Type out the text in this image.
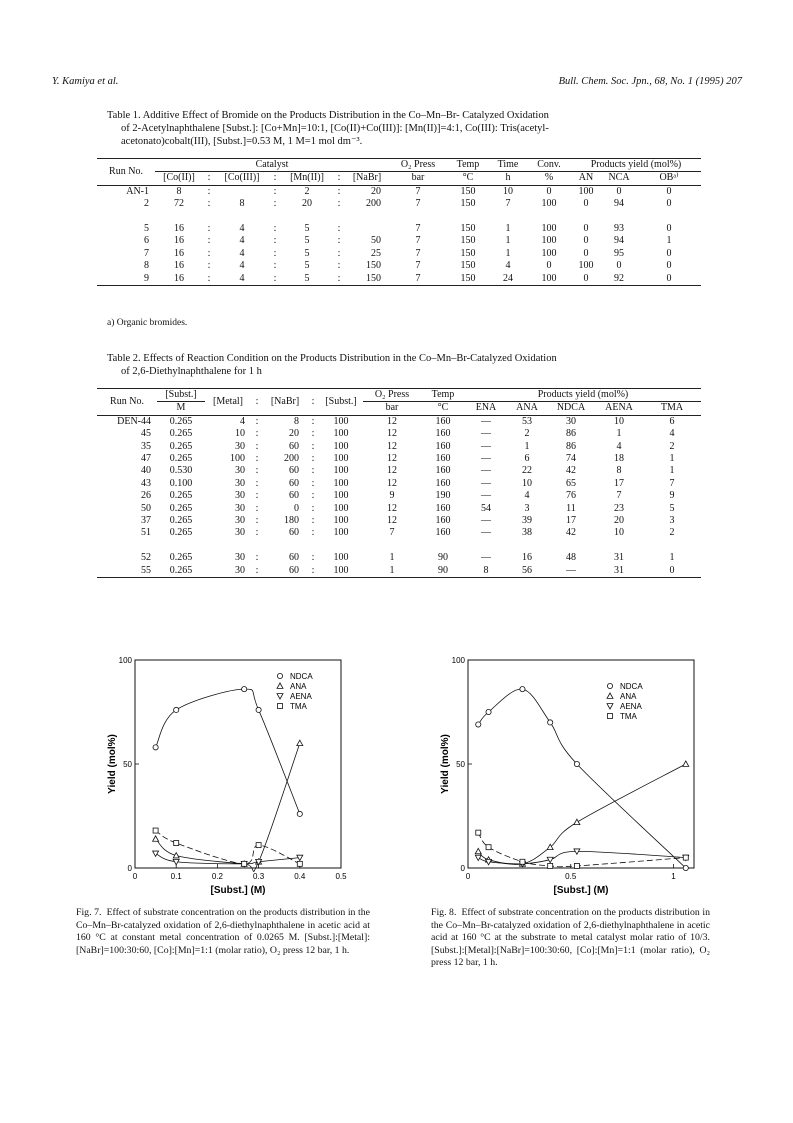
Y. Kamiya et al.	Bull. Chem. Soc. Jpn., 68, No. 1 (1995) 207
Table 1. Additive Effect of Bromide on the Products Distribution in the Co–Mn–Br- Catalyzed Oxidation
of 2-Acetylnaphthalene [Subst.]: [Co+Mn]=10:1, [Co(II)+Co(III)]: [Mn(II)]=4:1, Co(III): Tris(acetyl-
acetonato)cobalt(III), [Subst.]=0.53 M, 1 M=1 mol dm⁻³.
Run No.	Catalyst							O₂ Press	Temp	Time	Conv.	Products yield (mol%)		
	[Co(II)]	:	[Co(III)]	:	[Mn(II)]	:	[NaBr]	bar	°C	h	%	AN	NCA	OBᵃ⁾
AN-1	8	:		:	2	:	20	7	150	10	0	100	0	0
2	72	:	8	:	20	:	200	7	150	7	100	0	94	0

5	16	:	4	:	5	:		7	150	1	100	0	93	0
6	16	:	4	:	5	:	50	7	150	1	100	0	94	1
7	16	:	4	:	5	:	25	7	150	1	100	0	95	0
8	16	:	4	:	5	:	150	7	150	4	0	100	0	0
9	16	:	4	:	5	:	150	7	150	24	100	0	92	0
a) Organic bromides.
Table 2. Effects of Reaction Condition on the Products Distribution in the Co–Mn–Br-Catalyzed Oxidation
of 2,6-Diethylnaphthalene for 1 h
Run No.	[Subst.]	[Metal]	:	[NaBr]	:	[Subst.]	O₂ Press	Temp	Products yield (mol%)				
	M						bar	°C	ENA	ANA	NDCA	AENA	TMA
DEN-44	0.265	4	:	8	:	100	12	160	—	53	30	10	6
45	0.265	10	:	20	:	100	12	160	—	2	86	1	4
35	0.265	30	:	60	:	100	12	160	—	1	86	4	2
47	0.265	100	:	200	:	100	12	160	—	6	74	18	1
40	0.530	30	:	60	:	100	12	160	—	22	42	8	1
43	0.100	30	:	60	:	100	12	160	—	10	65	17	7
26	0.265	30	:	60	:	100	9	190	—	4	76	7	9
50	0.265	30	:	0	:	100	12	160	54	3	11	23	5
37	0.265	30	:	180	:	100	12	160	—	39	17	20	3
51	0.265	30	:	60	:	100	7	160	—	38	42	10	2

52	0.265	30	:	60	:	100	1	90	—	16	48	31	1
55	0.265	30	:	60	:	100	1	90	8	56	—	31	0
0	0.1	0.2	0.3	0.4	0.5
0
50
100
[Subst.] (M)
Yield (mol%)
NDCA
ANA
AENA
TMA
Fig. 7. Effect of substrate concentration on the products distribution in the Co–Mn–Br-catalyzed oxidation of 2,6-diethylnaphthalene in acetic acid at 160 °C at constant metal concentration of 0.0265 M. [Subst.]:[Metal]:[NaBr]=100:30:60, [Co]:[Mn]=1:1 (molar ratio), O₂ press 12 bar, 1 h.
0	0.5	1
0
50
100
[Subst.] (M)
Yield (mol%)
NDCA
ANA
AENA
TMA
Fig. 8. Effect of substrate concentration on the products distribution in the Co–Mn–Br-catalyzed oxidation of 2,6-diethylnaphthalene in acetic acid at 160 °C at the substrate to metal catalyst molar ratio of 10/3. [Subst.]:[Metal]:[NaBr]=100:30:60, [Co]:[Mn]=1:1 (molar ratio), O₂ press 12 bar, 1 h.
